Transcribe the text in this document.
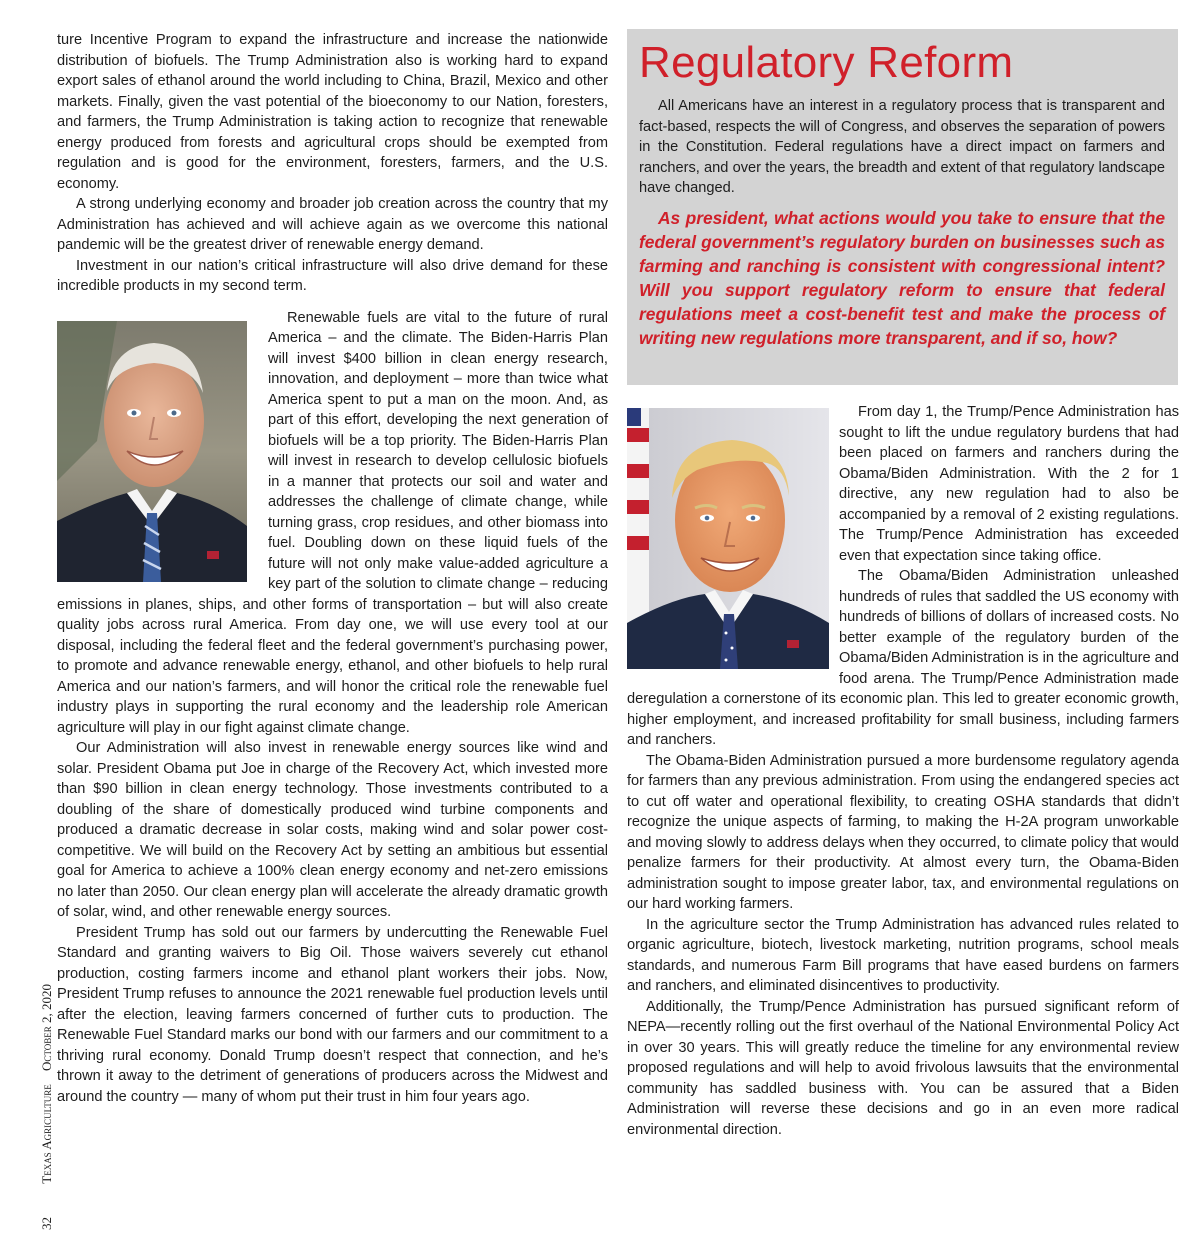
ture Incentive Program to expand the infrastructure and increase the nationwide distribution of biofuels. The Trump Administration also is working hard to expand export sales of ethanol around the world including to China, Brazil, Mexico and other markets. Finally, given the vast potential of the bioeconomy to our Nation, foresters, and farmers, the Trump Administration is taking action to recognize that renewable energy produced from forests and agricultural crops should be exempted from regulation and is good for the environment, foresters, farmers, and the U.S. economy.

A strong underlying economy and broader job creation across the country that my Administration has achieved and will achieve again as we overcome this national pandemic will be the greatest driver of renewable energy demand.

Investment in our nation’s critical infrastructure will also drive demand for these incredible products in my second term.

Renewable fuels are vital to the future of rural America – and the climate. The Biden-Harris Plan will invest $400 billion in clean energy research, innovation, and deployment – more than twice what America spent to put a man on the moon. And, as part of this effort, developing the next generation of biofuels will be a top priority. The Biden-Harris Plan will invest in research to develop cellulosic biofuels in a manner that protects our soil and water and addresses the challenge of climate change, while turning grass, crop residues, and other biomass into fuel. Doubling down on these liquid fuels of the future will not only make value-added agriculture a key part of the solution to climate change – reducing emissions in planes, ships, and other forms of transportation – but will also create quality jobs across rural America. From day one, we will use every tool at our disposal, including the federal fleet and the federal government’s purchasing power, to promote and advance renewable energy, ethanol, and other biofuels to help rural America and our nation’s farmers, and will honor the critical role the renewable fuel industry plays in supporting the rural economy and the leadership role American agriculture will play in our fight against climate change.

Our Administration will also invest in renewable energy sources like wind and solar. President Obama put Joe in charge of the Recovery Act, which invested more than $90 billion in clean energy technology. Those investments contributed to a doubling of the share of domestically produced wind turbine components and produced a dramatic decrease in solar costs, making wind and solar power cost-competitive. We will build on the Recovery Act by setting an ambitious but essential goal for America to achieve a 100% clean energy economy and net-zero emissions no later than 2050. Our clean energy plan will accelerate the already dramatic growth of solar, wind, and other renewable energy sources.

President Trump has sold out our farmers by undercutting the Renewable Fuel Standard and granting waivers to Big Oil. Those waivers severely cut ethanol production, costing farmers income and ethanol plant workers their jobs. Now, President Trump refuses to announce the 2021 renewable fuel production levels until after the election, leaving farmers concerned of further cuts to production. The Renewable Fuel Standard marks our bond with our farmers and our commitment to a thriving rural economy. Donald Trump doesn’t respect that connection, and he’s thrown it away to the detriment of generations of producers across the Midwest and around the country — many of whom put their trust in him four years ago.

Regulatory Reform

All Americans have an interest in a regulatory process that is transparent and fact-based, respects the will of Congress, and observes the separation of powers in the Constitution. Federal regulations have a direct impact on farmers and ranchers, and over the years, the breadth and extent of that regulatory landscape have changed.

As president, what actions would you take to ensure that the federal government’s regulatory burden on businesses such as farming and ranching is consistent with congressional intent? Will you support regulatory reform to ensure that federal regulations meet a cost-benefit test and make the process of writing new regulations more transparent, and if so, how?

From day 1, the Trump/Pence Administration has sought to lift the undue regulatory burdens that had been placed on farmers and ranchers during the Obama/Biden Administration. With the 2 for 1 directive, any new regulation had to also be accompanied by a removal of 2 existing regulations. The Trump/Pence Administration has exceeded even that expectation since taking office.

The Obama/Biden Administration unleashed hundreds of rules that saddled the US economy with hundreds of billions of dollars of increased costs. No better example of the regulatory burden of the Obama/Biden Administration is in the agriculture and food arena. The Trump/Pence Administration made deregulation a cornerstone of its economic plan. This led to greater economic growth, higher employment, and increased profitability for small business, including farmers and ranchers.

The Obama-Biden Administration pursued a more burdensome regulatory agenda for farmers than any previous administration. From using the endangered species act to cut off water and operational flexibility, to creating OSHA standards that didn’t recognize the unique aspects of farming, to making the H-2A program unworkable and moving slowly to address delays when they occurred, to climate policy that would penalize farmers for their productivity. At almost every turn, the Obama-Biden administration sought to impose greater labor, tax, and environmental regulations on our hard working farmers.

In the agriculture sector the Trump Administration has advanced rules related to organic agriculture, biotech, livestock marketing, nutrition programs, school meals standards, and numerous Farm Bill programs that have eased burdens on farmers and ranchers, and eliminated disincentives to productivity.

Additionally, the Trump/Pence Administration has pursued significant reform of NEPA—recently rolling out the first overhaul of the National Environmental Policy Act in over 30 years. This will greatly reduce the timeline for any environmental review proposed regulations and will help to avoid frivolous lawsuits that the environmental community has saddled business with. You can be assured that a Biden Administration will reverse these decisions and go in an even more radical environmental direction.

32 Texas Agriculture October 2, 2020
